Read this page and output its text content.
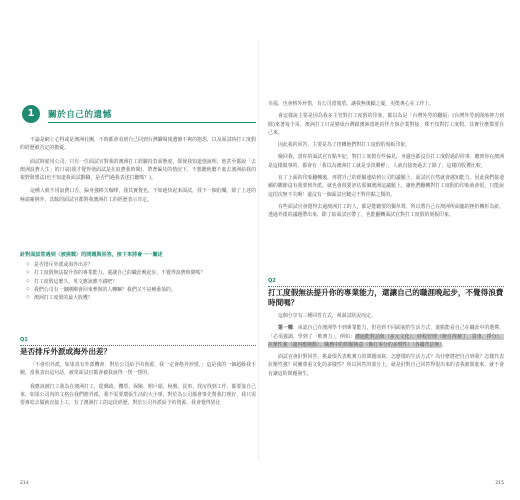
1	關於自己的遺憾

不論是網上心得或是澳洲社團，不時都會看到自己回到台灣職場後遺憾不夠的抱怨，以及面試時打工度假的經歷被否定的擔憂。

面試時雇用公司，只有一位面試官對我的澳洲打工經驗持負面態度，即使我知道他說明，他甚至都說「去澳洲浪費人生」的口氣(我才覺得他面試是在浪費我時間)，帶著偏見的情況下，不想聽他聽不進去澳洲給我的視野與想法(也不知道我面試辭職，是否門過我表述打聽嗎？)。

這種人就不用浪費口舌，偏身強棒欠咖啡，我其實覺也，不如趁快起來面試，找下一個伯樂。除了上述的極端案例外，其餘的面試官都對我澳洲打工的經歷表示肯定。

針對面試常遇到〈被挑戰〉的問題與回答，接下來將會一一闡述
◇ 是否排斥外派或海外出差？
◇ 打工度假無法提升你的專業能力，還讓自己的職涯晚起步，不覺得浪費時間嗎？
◇ 打工度假這麼久，英文應該應不錯吧？
◇ 我們公司有一個剛剛會回來參與的人轉嘛？我們又不是種番茄的。
◇ 澳洲打工度假的最大收穫？
Q1
是否排斥外派或海外出差？

「不會怕外派，如果真有外派機會，對於公司給予的資源，我一定會格外珍惜，」這是我的一個超級我手腕，當我表出這句話，被常面試官都會被我說得一愣一愣的。

我應該被打工我為在澳洲打工，從郵政、機票、保險、開戶頭、稅號、買車、找房找到工作，都要靠自己來，如果公司內的文格在我們擔外派，我不需要環張生活的大小事，對於為公司都會事先幫我打理好，我只需要專唸去做就直接上工，有了澳洲打工的這段經歷，對於公司外派給予的資源，我會覺得異比

214

幸福，也會格外珍惜，有公司當後盾，讓我無後顧之憂，更能專心在工作上。

會這樣說主要是因為我多主管對打工度假的印象，都以為是「台灣外勞的翻版」(台灣外勞新聞地神力到除)來著每个哥，澳洲打工只是變成台灣跟澳洲當地的伴介與企業對接，殊不知對打工度假，其實什麼都要自己來。

因此我的回答，主要是為了扭轉他們對打工度假的刻板印象。

檢回我，當你的面試官有點年紀，對打工度假有些偏見，身邊也都沒有打工度假過的同事，聽到你在澳洲是這樣做事的，都會有「我以為澳洲打工就是享淡聯鮮」，人就直接喪過去了除了，這樣的收獲比較。

有了上面的印象翻轉後，再將自己的經驗連結到公司的議題上，面試官自然就會感知能力。因此我們接連續的聯節沒有我要到外派，就也會很要評估那個澳洲這議題上，讓他們翻轉對打工度假的印象就會很，只能說這招次無不失啊！還沒有一個面試官聽完不對你點之類的。

有些面試官會覺得去過澳洲打工的人，都是能聽要的獨草尊，所以將自己在澳洲所面臨的挫折轉折為新，透過外派的議題帶出來，除了給面試官帶了，也能翻轉面試官對打工度假的刻板印象。

Q2
打工度假無法提升你的專業能力，還讓自己的職涯晚起步，不覺得浪費時間嗎？

這個分享有三種回答方式，視面試狀況而定。

第一種：承認自己在澳洲學不到專業能力，但看到不同面貌的生活方式，進點能看自己在職涯中的選擇，「必須強調，學到了「軟實力」，例如：溝通能對話與（多元文化）、時程管理（辦自找補丁、買車、掙分）、抗壓性強（適再應變動），職務中的問題換意（像打零分的多慣性）（各國背景無）。

面試官會針對回答，挑最俱代表軟實力的問題而寫，怎麼樣的生活方式？為什麼將把自自到我？怎樣代表抗壓性強？同團尊重文化的多樣性？所以回答的部分上，就是針對自己回答得很出來的表我被問進來，就不會有讓這的問題發生。

215
